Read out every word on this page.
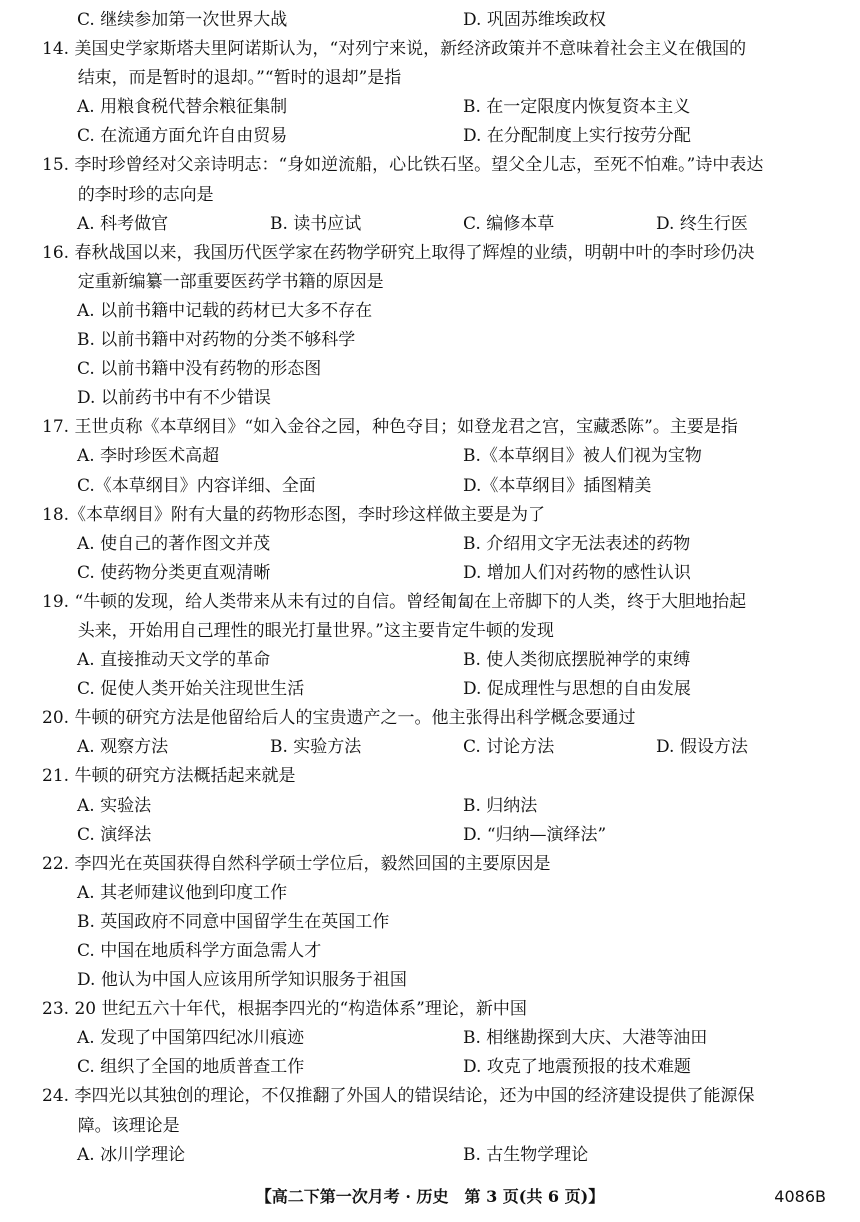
C. 继续参加第一次世界大战	D. 巩固苏维埃政权
14. 美国史学家斯塔夫里阿诺斯认为，“对列宁来说，新经济政策并不意味着社会主义在俄国的
结束，而是暂时的退却。”“暂时的退却”是指
A. 用粮食税代替余粮征集制	B. 在一定限度内恢复资本主义
C. 在流通方面允许自由贸易	D. 在分配制度上实行按劳分配
15. 李时珍曾经对父亲诗明志：“身如逆流船，心比铁石坚。望父全儿志，至死不怕难。”诗中表达
的李时珍的志向是
A. 科考做官	B. 读书应试	C. 编修本草	D. 终生行医
16. 春秋战国以来，我国历代医学家在药物学研究上取得了辉煌的业绩，明朝中叶的李时珍仍决
定重新编纂一部重要医药学书籍的原因是
A. 以前书籍中记载的药材已大多不存在
B. 以前书籍中对药物的分类不够科学
C. 以前书籍中没有药物的形态图
D. 以前药书中有不少错误
17. 王世贞称《本草纲目》“如入金谷之园，种色夺目；如登龙君之宫，宝藏悉陈”。主要是指
A. 李时珍医术高超	B.《本草纲目》被人们视为宝物
C.《本草纲目》内容详细、全面	D.《本草纲目》插图精美
18.《本草纲目》附有大量的药物形态图，李时珍这样做主要是为了
A. 使自己的著作图文并茂	B. 介绍用文字无法表述的药物
C. 使药物分类更直观清晰	D. 增加人们对药物的感性认识
19. “牛顿的发现，给人类带来从未有过的自信。曾经匍匐在上帝脚下的人类，终于大胆地抬起
头来，开始用自己理性的眼光打量世界。”这主要肯定牛顿的发现
A. 直接推动天文学的革命	B. 使人类彻底摆脱神学的束缚
C. 促使人类开始关注现世生活	D. 促成理性与思想的自由发展
20. 牛顿的研究方法是他留给后人的宝贵遗产之一。他主张得出科学概念要通过
A. 观察方法	B. 实验方法	C. 讨论方法	D. 假设方法
21. 牛顿的研究方法概括起来就是
A. 实验法	B. 归纳法
C. 演绎法	D. “归纳—演绎法”
22. 李四光在英国获得自然科学硕士学位后，毅然回国的主要原因是
A. 其老师建议他到印度工作
B. 英国政府不同意中国留学生在英国工作
C. 中国在地质科学方面急需人才
D. 他认为中国人应该用所学知识服务于祖国
23. 20 世纪五六十年代，根据李四光的“构造体系”理论，新中国
A. 发现了中国第四纪冰川痕迹	B. 相继勘探到大庆、大港等油田
C. 组织了全国的地质普查工作	D. 攻克了地震预报的技术难题
24. 李四光以其独创的理论，不仅推翻了外国人的错误结论，还为中国的经济建设提供了能源保
障。该理论是
A. 冰川学理论	B. 古生物学理论
【高二下第一次月考 · 历史　第 3 页(共 6 页)】	4086B
